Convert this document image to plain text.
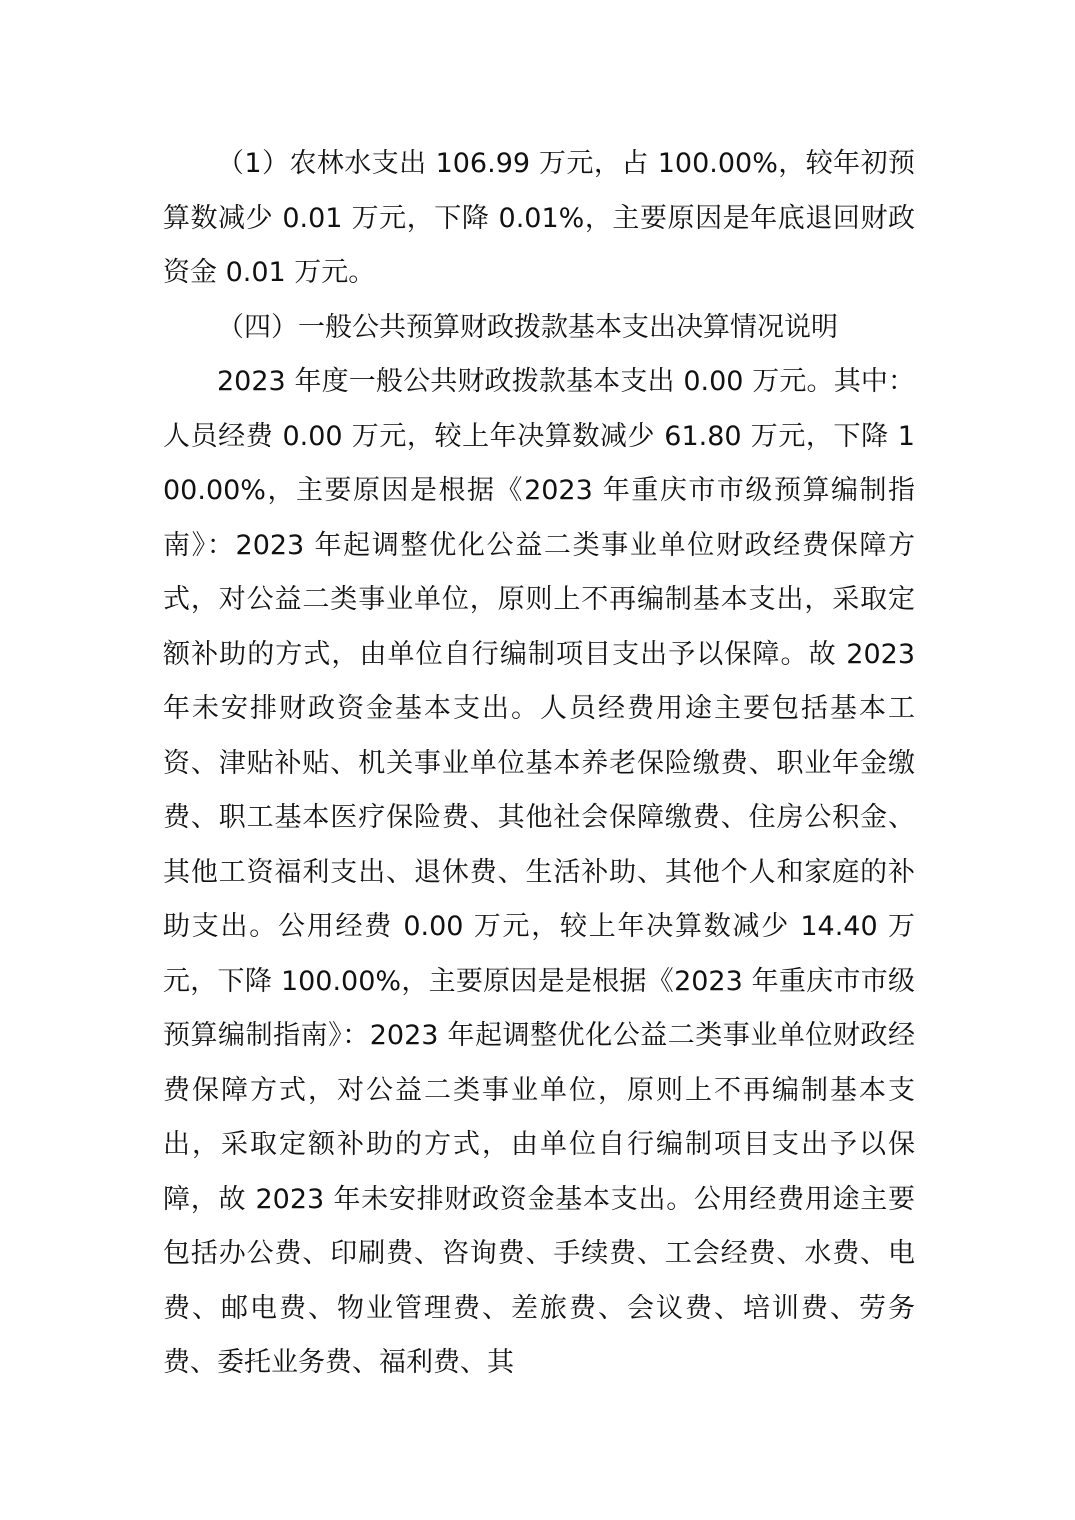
（1）农林水支出 106.99 万元，占 100.00%，较年初预算数减少 0.01 万元，下降 0.01%，主要原因是年底退回财政资金 0.01 万元。

（四）一般公共预算财政拨款基本支出决算情况说明

2023 年度一般公共财政拨款基本支出 0.00 万元。其中：人员经费 0.00 万元，较上年决算数减少 61.80 万元，下降 100.00%，主要原因是根据《2023 年重庆市市级预算编制指南》：2023 年起调整优化公益二类事业单位财政经费保障方式，对公益二类事业单位，原则上不再编制基本支出，采取定额补助的方式，由单位自行编制项目支出予以保障。故 2023 年未安排财政资金基本支出。人员经费用途主要包括基本工资、津贴补贴、机关事业单位基本养老保险缴费、职业年金缴费、职工基本医疗保险费、其他社会保障缴费、住房公积金、其他工资福利支出、退休费、生活补助、其他个人和家庭的补助支出。公用经费 0.00 万元，较上年决算数减少 14.40 万元，下降 100.00%，主要原因是是根据《2023 年重庆市市级预算编制指南》：2023 年起调整优化公益二类事业单位财政经费保障方式，对公益二类事业单位，原则上不再编制基本支出，采取定额补助的方式，由单位自行编制项目支出予以保障，故 2023 年未安排财政资金基本支出。公用经费用途主要包括办公费、印刷费、咨询费、手续费、工会经费、水费、电费、邮电费、物业管理费、差旅费、会议费、培训费、劳务费、委托业务费、福利费、其
